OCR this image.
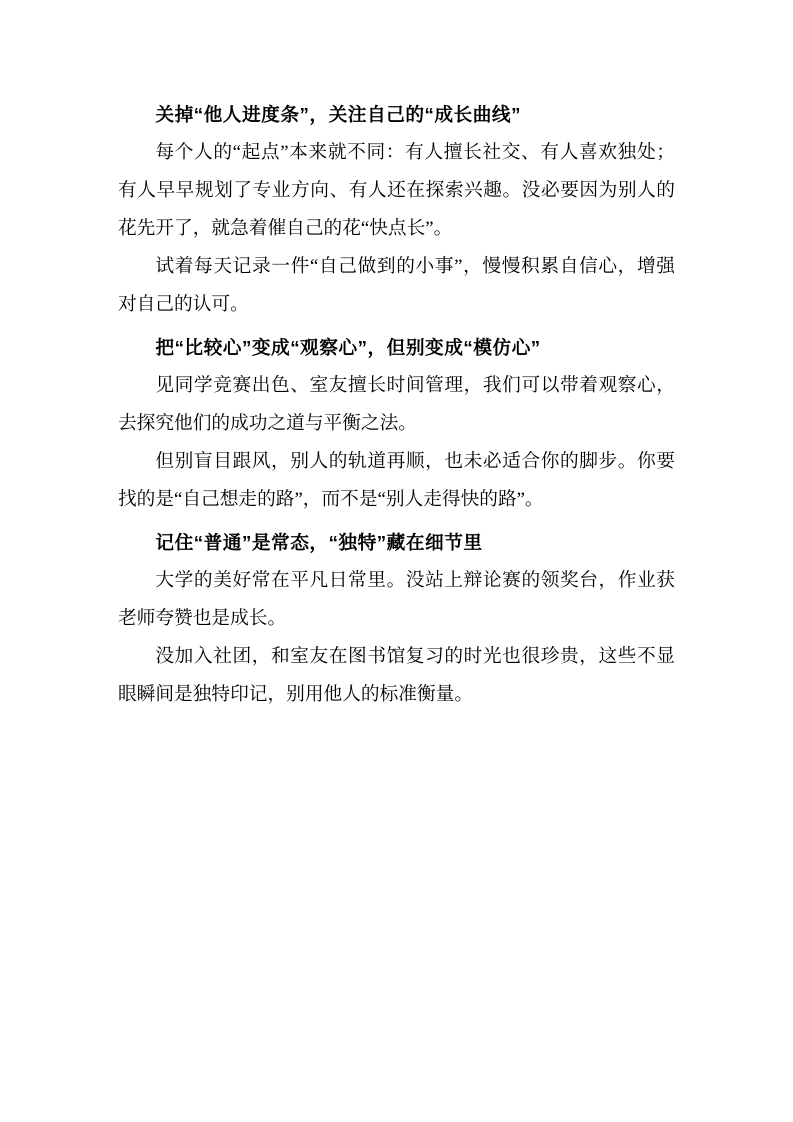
关掉“他人进度条”，关注自己的“成长曲线”

每个人的“起点”本来就不同：有人擅长社交、有人喜欢独处；有人早早规划了专业方向、有人还在探索兴趣。没必要因为别人的花先开了，就急着催自己的花“快点长”。

试着每天记录一件“自己做到的小事”，慢慢积累自信心，增强对自己的认可。

把“比较心”变成“观察心”，但别变成“模仿心”

见同学竞赛出色、室友擅长时间管理，我们可以带着观察心，去探究他们的成功之道与平衡之法。

但别盲目跟风，别人的轨道再顺，也未必适合你的脚步。你要找的是“自己想走的路”，而不是“别人走得快的路”。

记住“普通”是常态，“独特”藏在细节里

大学的美好常在平凡日常里。没站上辩论赛的领奖台，作业获老师夸赞也是成长。

没加入社团，和室友在图书馆复习的时光也很珍贵，这些不显眼瞬间是独特印记，别用他人的标准衡量。
